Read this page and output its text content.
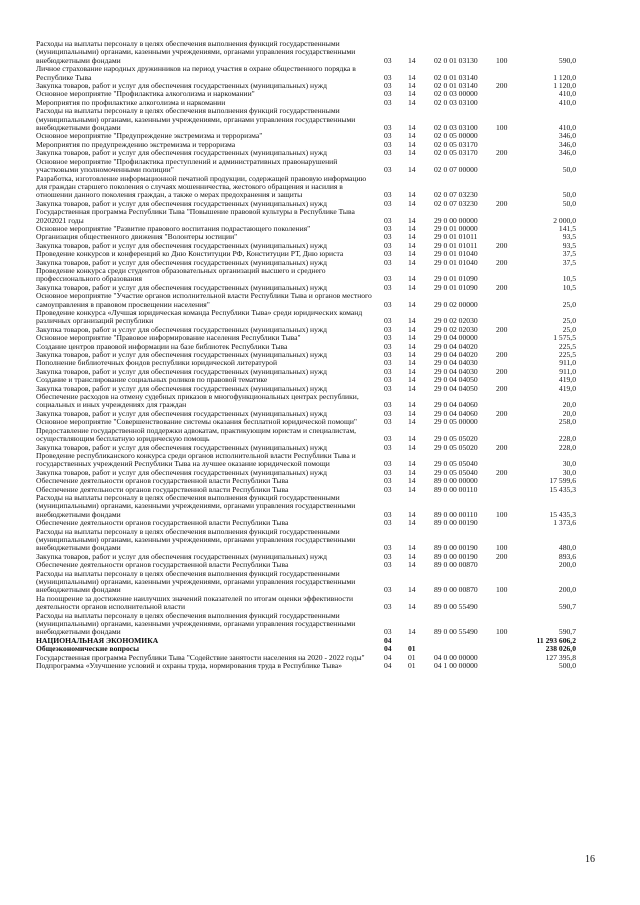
Расходы на выплаты персоналу в целях обеспечения выполнения функций государственными (муниципальными) органами, казенными учреждениями, органами управления государственными внебюджетными фондами	03	14	02 0 01 03130	100	590,0
Личное страхование народных дружинников на период участия в охране общественного порядка в Республике Тыва	03	14	02 0 01 03140	1 120,0
Закупка товаров, работ и услуг для обеспечения государственных (муниципальных) нужд	03	14	02 0 01 03140	200	1 120,0
Основное мероприятие "Профилактика алкоголизма и наркомании"	03	14	02 0 03 00000	410,0
Мероприятия по профилактике алкоголизма и наркомании	03	14	02 0 03 03100	410,0
Расходы на выплаты персоналу в целях обеспечения выполнения функций государственными (муниципальными) органами, казенными учреждениями, органами управления государственными внебюджетными фондами	03	14	02 0 03 03100	100	410,0
Основное мероприятие "Предупреждение экстремизма и терроризма"	03	14	02 0 05 00000	346,0
Мероприятия по предупреждению экстремизма и терроризма	03	14	02 0 05 03170	346,0
Закупка товаров, работ и услуг для обеспечения государственных (муниципальных) нужд	03	14	02 0 05 03170	200	346,0
Основное мероприятие "Профилактика преступлений и административных правонарушений участковыми уполномоченными полиции"	03	14	02 0 07 00000	50,0
Разработка, изготовление информационной печатной продукции, содержащей правовую информацию для граждан старшего поколения о случаях мошенничества, жестокого обращения и насилия в отношении данного поколения граждан, а также о мерах предохранения и защиты	03	14	02 0 07 03230	50,0
Закупка товаров, работ и услуг для обеспечения государственных (муниципальных) нужд	03	14	02 0 07 03230	200	50,0
Государственная программа Республики Тыва "Повышение правовой культуры в Республике Тыва 20202021 годы	03	14	29 0 00 00000	2 000,0
Основное мероприятие "Развитие правового воспитания подрастающего поколения"	03	14	29 0 01 00000	141,5
Организация общественного движения "Волонтеры юстиции"	03	14	29 0 01 01011	93,5
Закупка товаров, работ и услуг для обеспечения государственных (муниципальных) нужд	03	14	29 0 01 01011	200	93,5
Проведение конкурсов и конференций ко Дню Конституции РФ, Конституции РТ, Дню юриста	03	14	29 0 01 01040	37,5
Закупка товаров, работ и услуг для обеспечения государственных (муниципальных) нужд	03	14	29 0 01 01040	200	37,5
Проведение конкурса среди студентов образовательных организаций высшего и среднего профессионального образования	03	14	29 0 01 01090	10,5
Закупка товаров, работ и услуг для обеспечения государственных (муниципальных) нужд	03	14	29 0 01 01090	200	10,5
Основное мероприятие "Участие органов исполнительной власти Республики Тыва и органов местного самоуправления в правовом просвещении населения"	03	14	29 0 02 00000	25,0
Проведение конкурса «Лучшая юридическая команда Республики Тыва» среди юридических команд различных организаций республики	03	14	29 0 02 02030	25,0
Закупка товаров, работ и услуг для обеспечения государственных (муниципальных) нужд	03	14	29 0 02 02030	200	25,0
Основное мероприятие "Правовое информирование населения Республики Тыва"	03	14	29 0 04 00000	1 575,5
Создание центров правовой информации на базе библиотек Республики Тыва	03	14	29 0 04 04020	225,5
Закупка товаров, работ и услуг для обеспечения государственных (муниципальных) нужд	03	14	29 0 04 04020	200	225,5
Пополнение библиотечных фондов республики юридической литературой	03	14	29 0 04 04030	911,0
Закупка товаров, работ и услуг для обеспечения государственных (муниципальных) нужд	03	14	29 0 04 04030	200	911,0
Создание и транслирование социальных роликов по правовой тематике	03	14	29 0 04 04050	419,0
Закупка товаров, работ и услуг для обеспечения государственных (муниципальных) нужд	03	14	29 0 04 04050	200	419,0
Обеспечение расходов на отмену судебных приказов в многофункциональных центрах республики, социальных и иных учреждениях для граждан	03	14	29 0 04 04060	20,0
Закупка товаров, работ и услуг для обеспечения государственных (муниципальных) нужд	03	14	29 0 04 04060	200	20,0
Основное мероприятие "Совершенствование системы оказания бесплатной юридической помощи"	03	14	29 0 05 00000	258,0
Предоставление государственной поддержки адвокатам, практикующим юристам и специалистам, осуществляющим бесплатную юридическую помощь	03	14	29 0 05 05020	228,0
Закупка товаров, работ и услуг для обеспечения государственных (муниципальных) нужд	03	14	29 0 05 05020	200	228,0
Проведение республиканского конкурса среди органов исполнительной власти Республики Тыва и государственных учреждений Республики Тыва на лучшее оказание юридической помощи	03	14	29 0 05 05040	30,0
Закупка товаров, работ и услуг для обеспечения государственных (муниципальных) нужд	03	14	29 0 05 05040	200	30,0
Обеспечение деятельности органов государственной власти Республики Тыва	03	14	89 0 00 00000	17 599,6
Обеспечение деятельности органов государственной власти Республики Тыва	03	14	89 0 00 00110	15 435,3
Расходы на выплаты персоналу в целях обеспечения выполнения функций государственными (муниципальными) органами, казенными учреждениями, органами управления государственными внебюджетными фондами	03	14	89 0 00 00110	100	15 435,3
Обеспечение деятельности органов государственной власти Республики Тыва	03	14	89 0 00 00190	1 373,6
Расходы на выплаты персоналу в целях обеспечения выполнения функций государственными (муниципальными) органами, казенными учреждениями, органами управления государственными внебюджетными фондами	03	14	89 0 00 00190	100	480,0
Закупка товаров, работ и услуг для обеспечения государственных (муниципальных) нужд	03	14	89 0 00 00190	200	893,6
Обеспечение деятельности органов государственной власти Республики Тыва	03	14	89 0 00 00870	200,0
Расходы на выплаты персоналу в целях обеспечения выполнения функций государственными (муниципальными) органами, казенными учреждениями, органами управления государственными внебюджетными фондами	03	14	89 0 00 00870	100	200,0
На поощрение за достижение наилучших значений показателей по итогам оценки эффективности деятельности органов исполнительной власти	03	14	89 0 00 55490	590,7
Расходы на выплаты персоналу в целях обеспечения выполнения функций государственными (муниципальными) органами, казенными учреждениями, органами управления государственными внебюджетными фондами	03	14	89 0 00 55490	100	590,7
НАЦИОНАЛЬНАЯ ЭКОНОМИКА	04	11 293 606,2
Общеэкономические вопросы	04	01	238 026,0
Государственная программа Республики Тыва "Содействие занятости населения на 2020 - 2022 годы"	04	01	04 0 00 00000	127 395,8
Подпрограмма «Улучшение условий и охраны труда, нормирования труда в Республике Тыва»	04	01	04 1 00 00000	500,0
16
